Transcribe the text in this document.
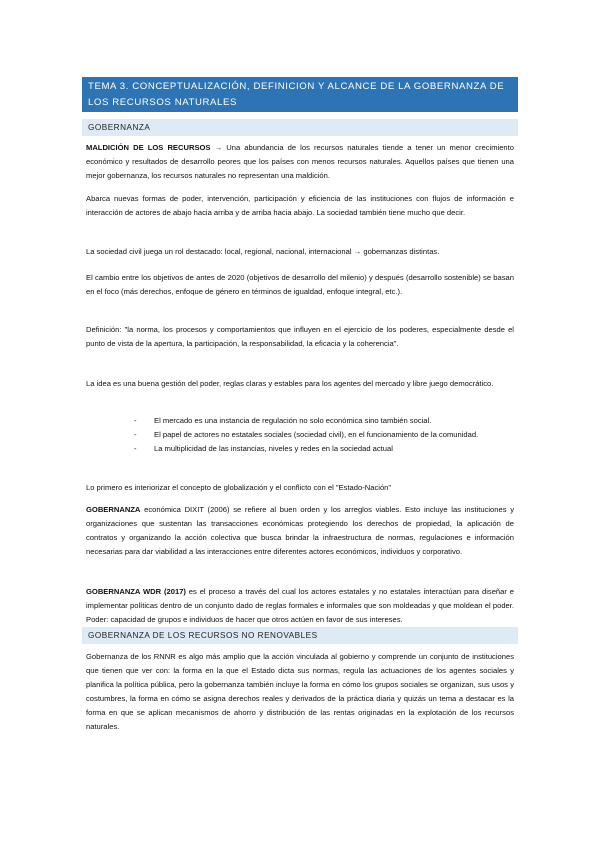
TEMA 3. CONCEPTUALIZACIÓN, DEFINICION Y ALCANCE DE LA GOBERNANZA DE LOS RECURSOS NATURALES
GOBERNANZA

MALDICIÓN DE LOS RECURSOS → Una abundancia de los recursos naturales tiende a tener un menor crecimiento económico y resultados de desarrollo peores que los países con menos recursos naturales. Aquellos países que tienen una mejor gobernanza, los recursos naturales no representan una maldición.

Abarca nuevas formas de poder, intervención, participación y eficiencia de las instituciones con flujos de información e interacción de actores de abajo hacia arriba y de arriba hacia abajo. La sociedad también tiene mucho que decir.

La sociedad civil juega un rol destacado: local, regional, nacional, internacional → gobernanzas distintas.

El cambio entre los objetivos de antes de 2020 (objetivos de desarrollo del milenio) y después (desarrollo sostenible) se basan en el foco (más derechos, enfoque de género en términos de igualdad, enfoque integral, etc.).

Definición: "la norma, los procesos y comportamientos que influyen en el ejercicio de los poderes, especialmente desde el punto de vista de la apertura, la participación, la responsabilidad, la eficacia y la coherencia".

La idea es una buena gestión del poder, reglas claras y estables para los agentes del mercado y libre juego democrático.

- El mercado es una instancia de regulación no solo económica sino también social.
- El papel de actores no estatales sociales (sociedad civil), en el funcionamiento de la comunidad.
- La multiplicidad de las instancias, niveles y redes en la sociedad actual

Lo primero es interiorizar el concepto de globalización y el conflicto con el "Estado-Nación"

GOBERNANZA económica DIXIT (2006) se refiere al buen orden y los arreglos viables. Esto incluye las instituciones y organizaciones que sustentan las transacciones económicas protegiendo los derechos de propiedad, la aplicación de contratos y organizando la acción colectiva que busca brindar la infraestructura de normas, regulaciones e información necesarias para dar viabilidad a las interacciones entre diferentes actores económicos, individuos y corporativo.

GOBERNANZA WDR (2017) es el proceso a través del cual los actores estatales y no estatales interactúan para diseñar e implementar políticas dentro de un conjunto dado de reglas formales e informales que son moldeadas y que moldean el poder. Poder: capacidad de grupos e individuos de hacer que otros actúen en favor de sus intereses.

GOBERNANZA DE LOS RECURSOS NO RENOVABLES

Gobernanza de los RNNR es algo más amplio que la acción vinculada al gobierno y comprende un conjunto de instituciones que tienen que ver con: la forma en la que el Estado dicta sus normas, regula las actuaciones de los agentes sociales y planifica la política pública, pero la gobernanza también incluye la forma en cómo los grupos sociales se organizan, sus usos y costumbres, la forma en cómo se asigna derechos reales y derivados de la práctica diaria y quizás un tema a destacar es la forma en que se aplican mecanismos de ahorro y distribución de las rentas originadas en la explotación de los recursos naturales.
